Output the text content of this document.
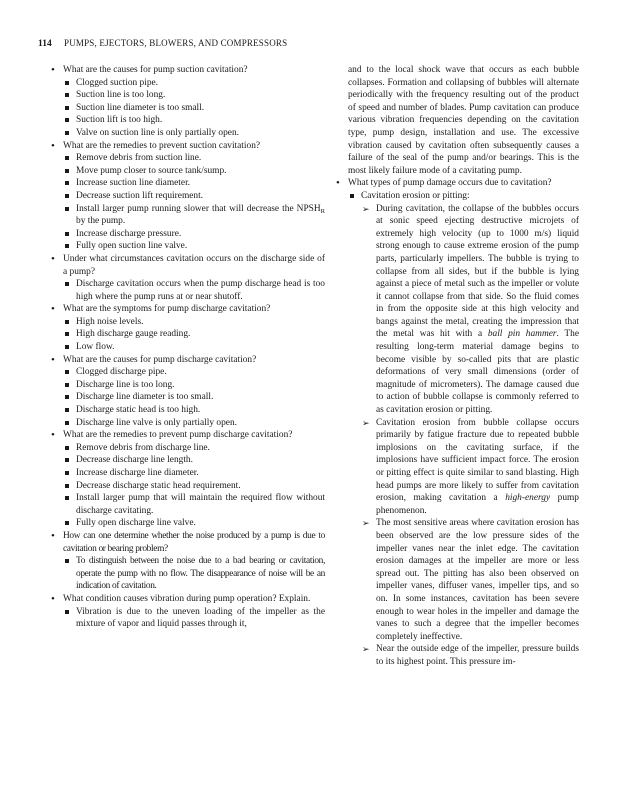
114 PUMPS, EJECTORS, BLOWERS, AND COMPRESSORS
• What are the causes for pump suction cavitation?
Clogged suction pipe.
Suction line is too long.
Suction line diameter is too small.
Suction lift is too high.
Valve on suction line is only partially open.
• What are the remedies to prevent suction cavitation?
Remove debris from suction line.
Move pump closer to source tank/sump.
Increase suction line diameter.
Decrease suction lift requirement.
Install larger pump running slower that will decrease the $NPSH_R$ by the pump.
Increase discharge pressure.
Fully open suction line valve.
• Under what circumstances cavitation occurs on the discharge side of a pump?
Discharge cavitation occurs when the pump discharge head is too high where the pump runs at or near shutoff.
• What are the symptoms for pump discharge cavitation?
High noise levels.
High discharge gauge reading.
Low flow.
• What are the causes for pump discharge cavitation?
Clogged discharge pipe.
Discharge line is too long.
Discharge line diameter is too small.
Discharge static head is too high.
Discharge line valve is only partially open.
• What are the remedies to prevent pump discharge cavitation?
Remove debris from discharge line.
Decrease discharge line length.
Increase discharge line diameter.
Decrease discharge static head requirement.
Install larger pump that will maintain the required flow without discharge cavitating.
Fully open discharge line valve.
• How can one determine whether the noise produced by a pump is due to cavitation or bearing problem?
To distinguish between the noise due to a bad bearing or cavitation, operate the pump with no flow. The disappearance of noise will be an indication of cavitation.
• What condition causes vibration during pump operation? Explain.
Vibration is due to the uneven loading of the impeller as the mixture of vapor and liquid passes through it,
and to the local shock wave that occurs as each bubble collapses. Formation and collapsing of bubbles will alternate periodically with the frequency resulting out of the product of speed and number of blades. Pump cavitation can produce various vibration frequencies depending on the cavitation type, pump design, installation and use. The excessive vibration caused by cavitation often subsequently causes a failure of the seal of the pump and/or bearings. This is the most likely failure mode of a cavitating pump.
• What types of pump damage occurs due to cavitation?
Cavitation erosion or pitting:
➢ During cavitation, the collapse of the bubbles occurs at sonic speed ejecting destructive microjets of extremely high velocity (up to 1000 m/s) liquid strong enough to cause extreme erosion of the pump parts, particularly impellers. The bubble is trying to collapse from all sides, but if the bubble is lying against a piece of metal such as the impeller or volute it cannot collapse from that side. So the fluid comes in from the opposite side at this high velocity and bangs against the metal, creating the impression that the metal was hit with a ball pin hammer. The resulting long-term material damage begins to become visible by so-called pits that are plastic deformations of very small dimensions (order of magnitude of micrometers). The damage caused due to action of bubble collapse is commonly referred to as cavitation erosion or pitting.
➢ Cavitation erosion from bubble collapse occurs primarily by fatigue fracture due to repeated bubble implosions on the cavitating surface, if the implosions have sufficient impact force. The erosion or pitting effect is quite similar to sand blasting. High head pumps are more likely to suffer from cavitation erosion, making cavitation a high-energy pump phenomenon.
➢ The most sensitive areas where cavitation erosion has been observed are the low pressure sides of the impeller vanes near the inlet edge. The cavitation erosion damages at the impeller are more or less spread out. The pitting has also been observed on impeller vanes, diffuser vanes, impeller tips, and so on. In some instances, cavitation has been severe enough to wear holes in the impeller and damage the vanes to such a degree that the impeller becomes completely ineffective.
➢ Near the outside edge of the impeller, pressure builds to its highest point. This pressure im-
